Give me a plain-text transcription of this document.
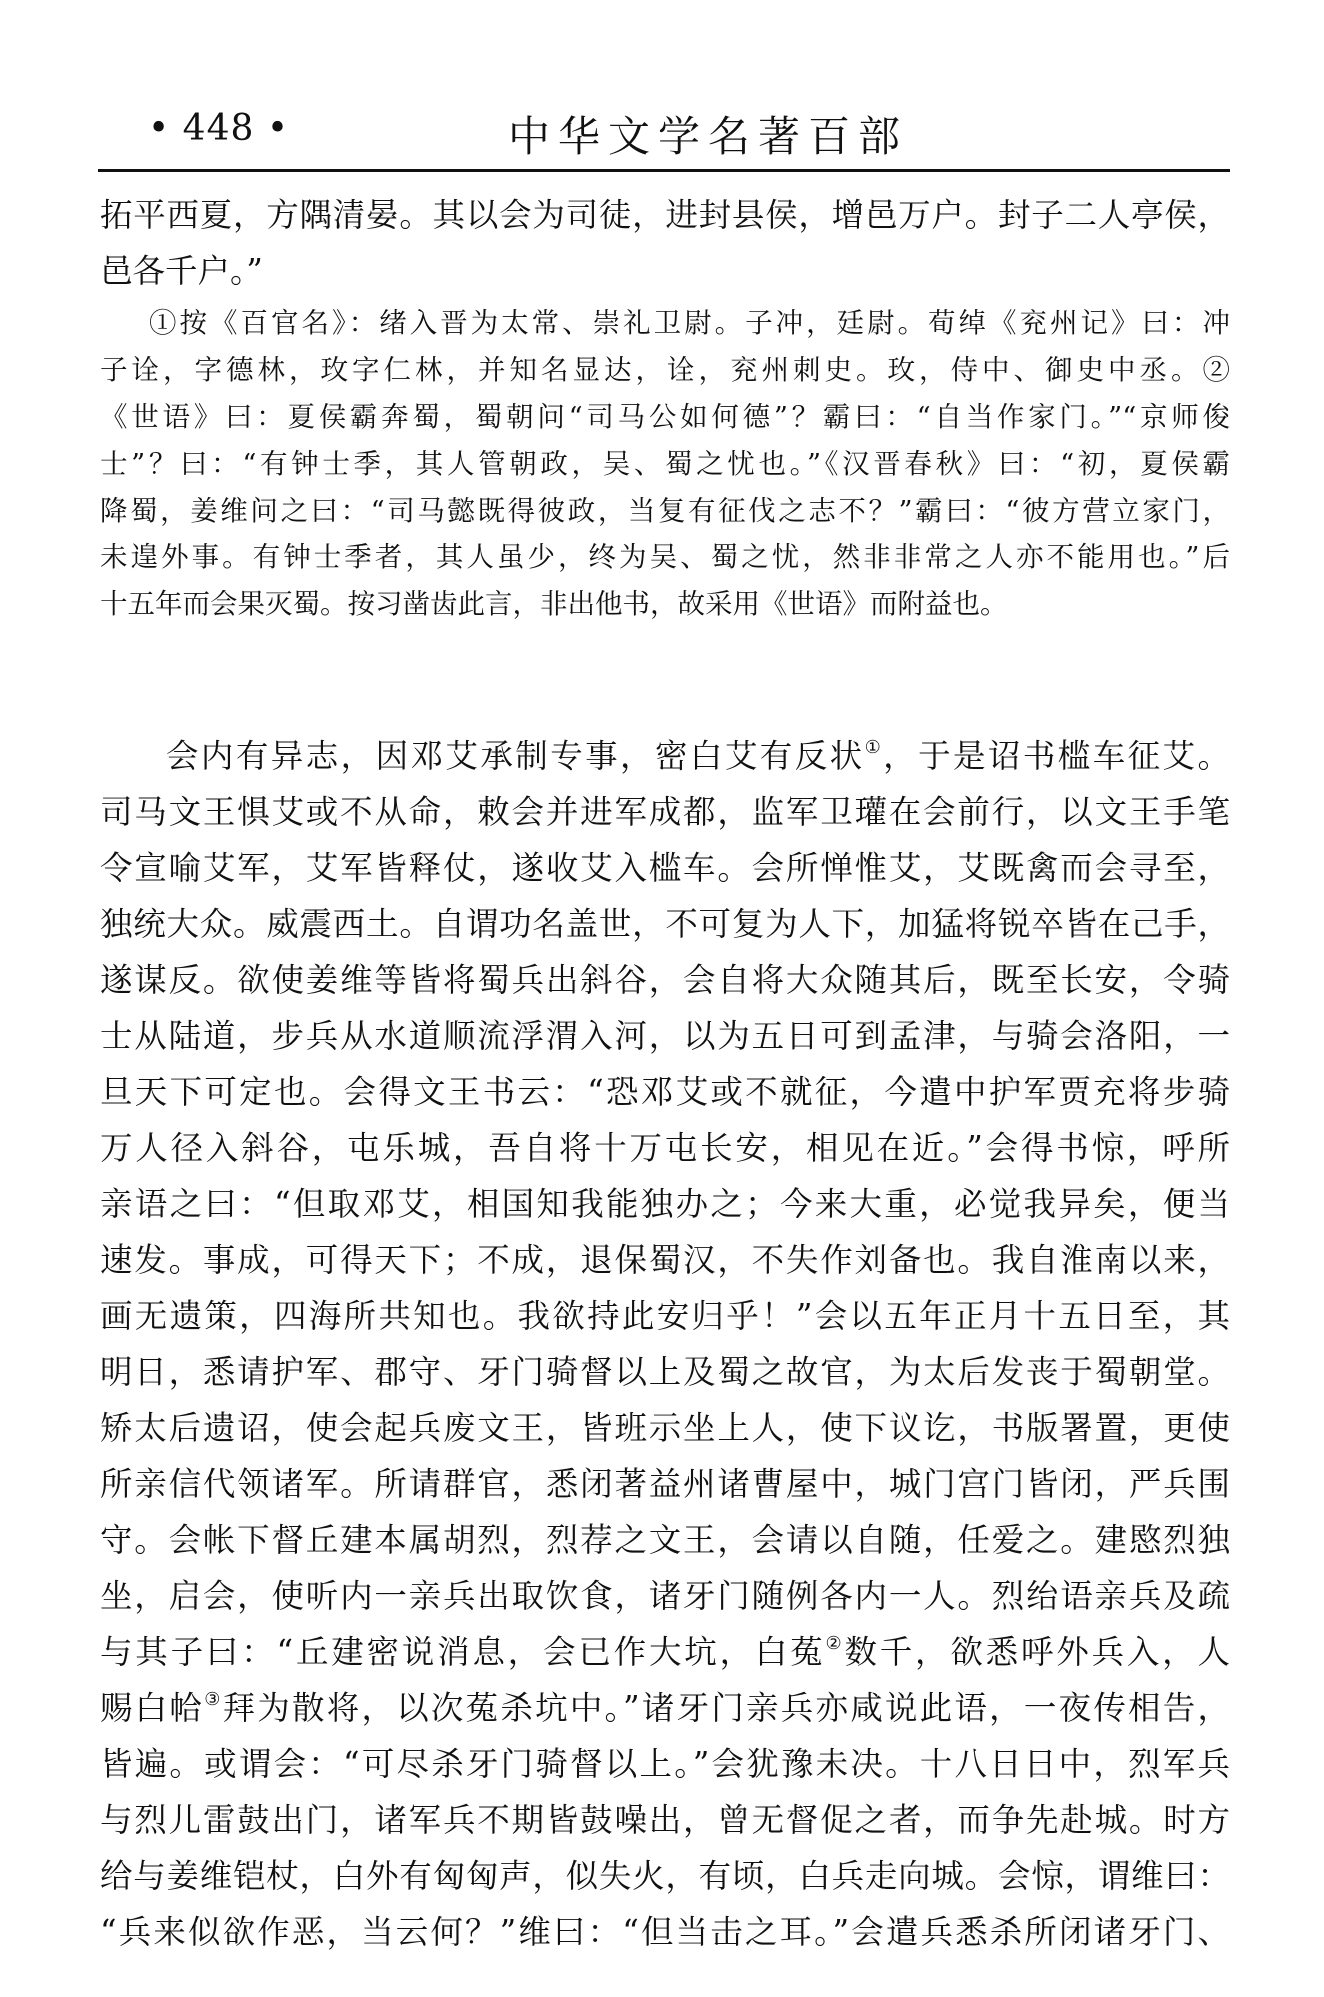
• 448 •	中华文学名著百部
拓平西夏，方隅清晏。其以会为司徒，进封县侯，增邑万户。封子二人亭侯，
邑各千户。”
①按《百官名》：绪入晋为太常、崇礼卫尉。子冲，廷尉。荀绰《兖州记》曰：冲
子诠，字德林，玫字仁林，并知名显达，诠，兖州刺史。玫，侍中、御史中丞。②
《世语》曰：夏侯霸奔蜀，蜀朝问“司马公如何德”？霸曰：“自当作家门。”“京师俊
士”？曰：“有钟士季，其人管朝政，吴、蜀之忧也。”《汉晋春秋》曰：“初，夏侯霸
降蜀，姜维问之曰：“司马懿既得彼政，当复有征伐之志不？”霸曰：“彼方营立家门，
未遑外事。有钟士季者，其人虽少，终为吴、蜀之忧，然非非常之人亦不能用也。”后
十五年而会果灭蜀。按习凿齿此言，非出他书，故采用《世语》而附益也。
会内有异志，因邓艾承制专事，密白艾有反状①，于是诏书槛车征艾。
司马文王惧艾或不从命，敕会并进军成都，监军卫瓘在会前行，以文王手笔
令宣喻艾军，艾军皆释仗，遂收艾入槛车。会所惮惟艾，艾既禽而会寻至，
独统大众。威震西土。自谓功名盖世，不可复为人下，加猛将锐卒皆在己手，
遂谋反。欲使姜维等皆将蜀兵出斜谷，会自将大众随其后，既至长安，令骑
士从陆道，步兵从水道顺流浮渭入河，以为五日可到孟津，与骑会洛阳，一
旦天下可定也。会得文王书云：“恐邓艾或不就征，今遣中护军贾充将步骑
万人径入斜谷，屯乐城，吾自将十万屯长安，相见在近。”会得书惊，呼所
亲语之曰：“但取邓艾，相国知我能独办之；今来大重，必觉我异矣，便当
速发。事成，可得天下；不成，退保蜀汉，不失作刘备也。我自淮南以来，
画无遗策，四海所共知也。我欲持此安归乎！”会以五年正月十五日至，其
明日，悉请护军、郡守、牙门骑督以上及蜀之故官，为太后发丧于蜀朝堂。
矫太后遗诏，使会起兵废文王，皆班示坐上人，使下议讫，书版署置，更使
所亲信代领诸军。所请群官，悉闭著益州诸曹屋中，城门宫门皆闭，严兵围
守。会帐下督丘建本属胡烈，烈荐之文王，会请以自随，任爱之。建愍烈独
坐，启会，使听内一亲兵出取饮食，诸牙门随例各内一人。烈绐语亲兵及疏
与其子曰：“丘建密说消息，会已作大坑，白菟②数千，欲悉呼外兵入，人
赐白帢③拜为散将，以次菟杀坑中。”诸牙门亲兵亦咸说此语，一夜传相告，
皆遍。或谓会：“可尽杀牙门骑督以上。”会犹豫未决。十八日日中，烈军兵
与烈儿雷鼓出门，诸军兵不期皆鼓噪出，曾无督促之者，而争先赴城。时方
给与姜维铠杖，白外有匈匈声，似失火，有顷，白兵走向城。会惊，谓维曰：
“兵来似欲作恶，当云何？”维曰：“但当击之耳。”会遣兵悉杀所闭诸牙门、
